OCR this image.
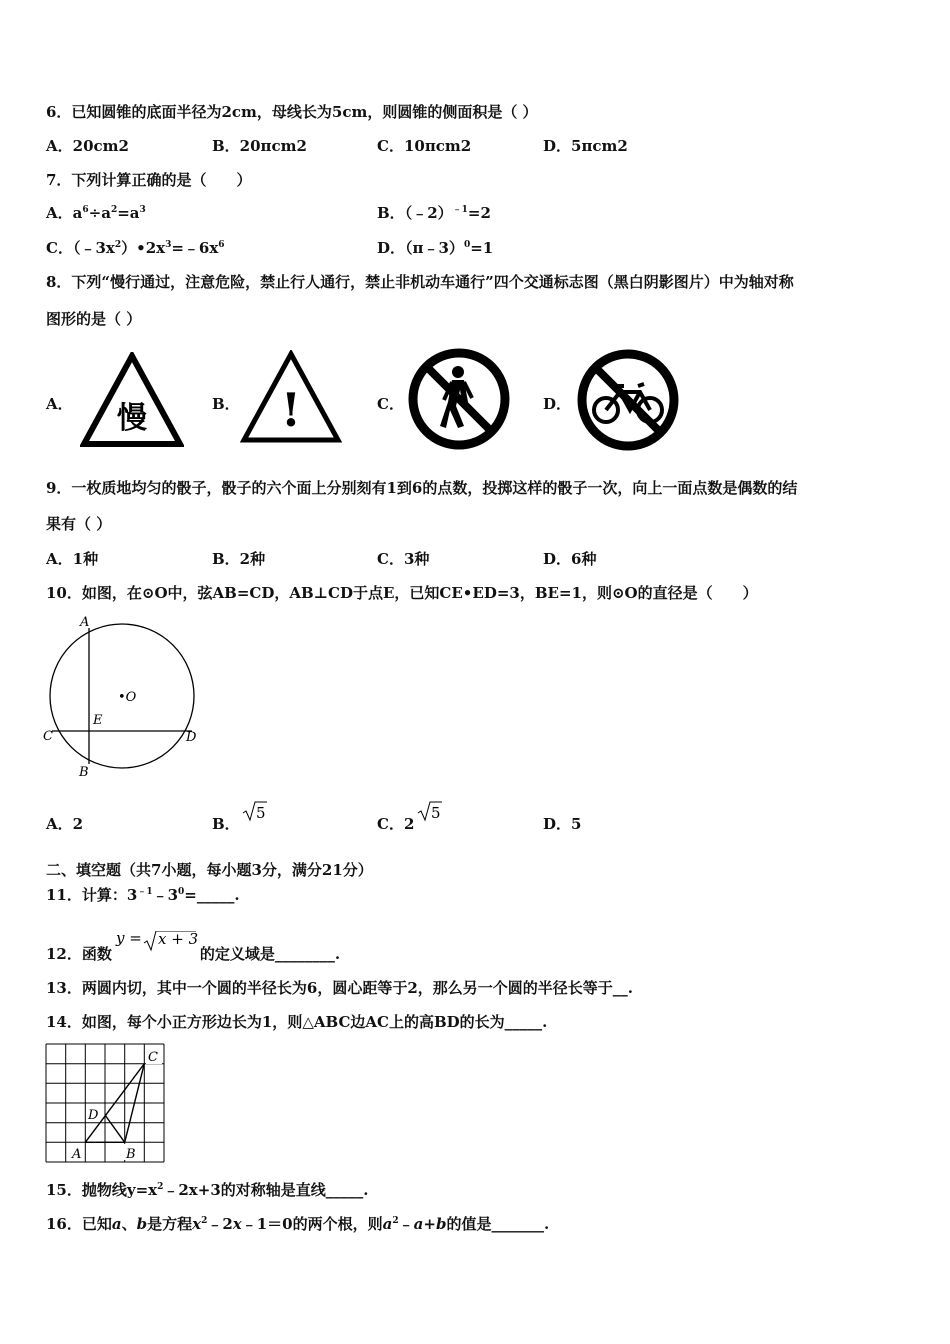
6．已知圆锥的底面半径为2cm，母线长为5cm，则圆锥的侧面积是（ ）
A．20cm2	B．20πcm2	C．10πcm2	D．5πcm2
7．下列计算正确的是（　　）
A．$a^6\div a^2=a^3$	B．（﹣2）$^{﹣1}$=2
C．$(﹣3x^2)•2x^3=﹣6x^6$	D．（π﹣3）$^0$=1
8．下列“慢行通过，注意危险，禁止行人通行，禁止非机动车通行”四个交通标志图（黑白阴影图片）中为轴对称
图形的是（ ）
A． 慢	B． !	C．	D．
9．一枚质地均匀的骰子，骰子的六个面上分别刻有1到6的点数，投掷这样的骰子一次，向上一面点数是偶数的结
果有（ ）
A．1种	B．2种	C．3种	D．6种
10．如图，在⊙O中，弦AB=CD，AB⊥CD于点E，已知CE•ED=3，BE=1，则⊙O的直径是（　　）
A
B
C	D
E
•O
A．2	B．
5
C．2
5
D．5
二、填空题（共7小题，每小题3分，满分21分）
11．计算：$3^{﹣1}﹣3^0=\_\_\_\_\_$.
12．函数
y = x + 3
的定义域是________.
13．两圆内切，其中一个圆的半径长为6，圆心距等于2，那么另一个圆的半径长等于__.
14．如图，每个小正方形边长为1，则△ABC边AC上的高BD的长为_____.
A	B
C
D
15．抛物线$y=x^2﹣2x+3$的对称轴是直线_____.
16．已知a、b是方程$x^2﹣2x﹣1=0$的两个根，则$a^2﹣a+b$的值是_______.
